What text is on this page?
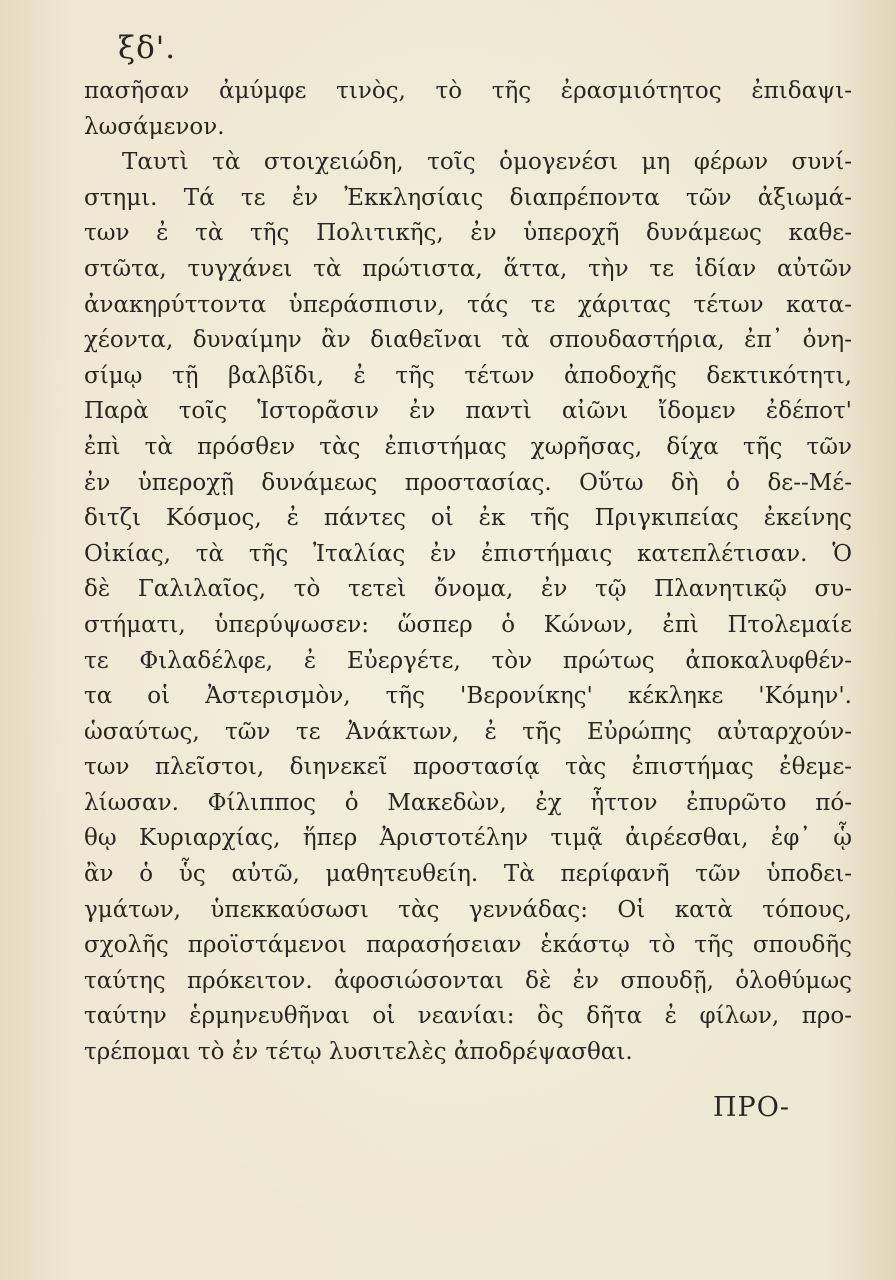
ξδ'.
πασῆσαν ἀμύμφε τινὸς, τὸ τῆς ἐρασμιότητος ἐπιδαψι-
λωσάμενον.
Ταυτὶ τὰ στοιχειώδη, τοῖς ὁμογενέσι μη φέρων συνί-
στημι. Τά τε ἐν Ἐκκλησίαις διαπρέποντα τῶν ἀξιωμά-
των ἐ τὰ τῆς Πολιτικῆς, ἐν ὑπεροχῆ δυνάμεως καθε-
στῶτα, τυγχάνει τὰ πρώτιστα, ἅττα, τὴν τε ἰδίαν αὐτῶν
ἀνακηρύττοντα ὑπεράσπισιν, τάς τε χάριτας τέτων κατα-
χέοντα, δυναίμην ἂν διαθεῖναι τὰ σπουδαστήρια, ἐπ᾽ ὀνη-
σίμῳ τῇ βαλβῖδι, ἐ τῆς τέτων ἀποδοχῆς δεκτικότητι,
Παρὰ τοῖς Ἱστορᾶσιν ἐν παντὶ αἰῶνι ἴδομεν ἐδέποτ'
ἐπὶ τὰ πρόσθεν τὰς ἐπιστήμας χωρῆσας, δίχα τῆς τῶν
ἐν ὑπεροχῇ δυνάμεως προστασίας. Οὕτω δὴ ὁ δε--Μέ-
διτζι Κόσμος, ἐ πάντες οἱ ἐκ τῆς Πριγκιπείας ἐκείνης
Οἰκίας, τὰ τῆς Ἰταλίας ἐν ἐπιστήμαις κατεπλέτισαν. Ὁ
δὲ Γαλιλαῖος, τὸ τετεὶ ὄνομα, ἐν τῷ Πλανητικῷ συ-
στήματι, ὑπερύψωσεν: ὥσπερ ὁ Κώνων, ἐπὶ Πτολεμαίε
τε Φιλαδέλφε, ἐ Εὐεργέτε, τὸν πρώτως ἀποκαλυφθέν-
τα οἱ Ἀστερισμὸν, τῆς 'Βερονίκης' κέκληκε 'Κόμην'.
ὡσαύτως, τῶν τε Ἀνάκτων, ἐ τῆς Εὐρώπης αὐταρχούν-
των πλεῖστοι, διηνεκεῖ προστασίᾳ τὰς ἐπιστήμας ἐθεμε-
λίωσαν. Φίλιππος ὁ Μακεδὼν, ἐχ ἧττον ἐπυρῶτο πό-
θῳ Κυριαρχίας, ἥπερ Ἀριστοτέλην τιμᾷ ἀιρέεσθαι, ἐφ᾽ ᾧ
ἂν ὁ ὗς αὐτῶ, μαθητευθείη. Τὰ περίφανῆ τῶν ὑποδει-
γμάτων, ὑπεκκαύσωσι τὰς γεννάδας: Οἱ κατὰ τόπους,
σχολῆς προϊστάμενοι παρασήσειαν ἑκάστῳ τὸ τῆς σπουδῆς
ταύτης πρόκειτον. ἀφοσιώσονται δὲ ἐν σπουδῇ, ὁλοθύμως
ταύτην ἑρμηνευθῆναι οἱ νεανίαι: ὃς δῆτα ἐ φίλων, προ-
τρέπομαι τὸ ἐν τέτῳ λυσιτελὲς ἀποδρέψασθαι.
ΠΡΟ-
